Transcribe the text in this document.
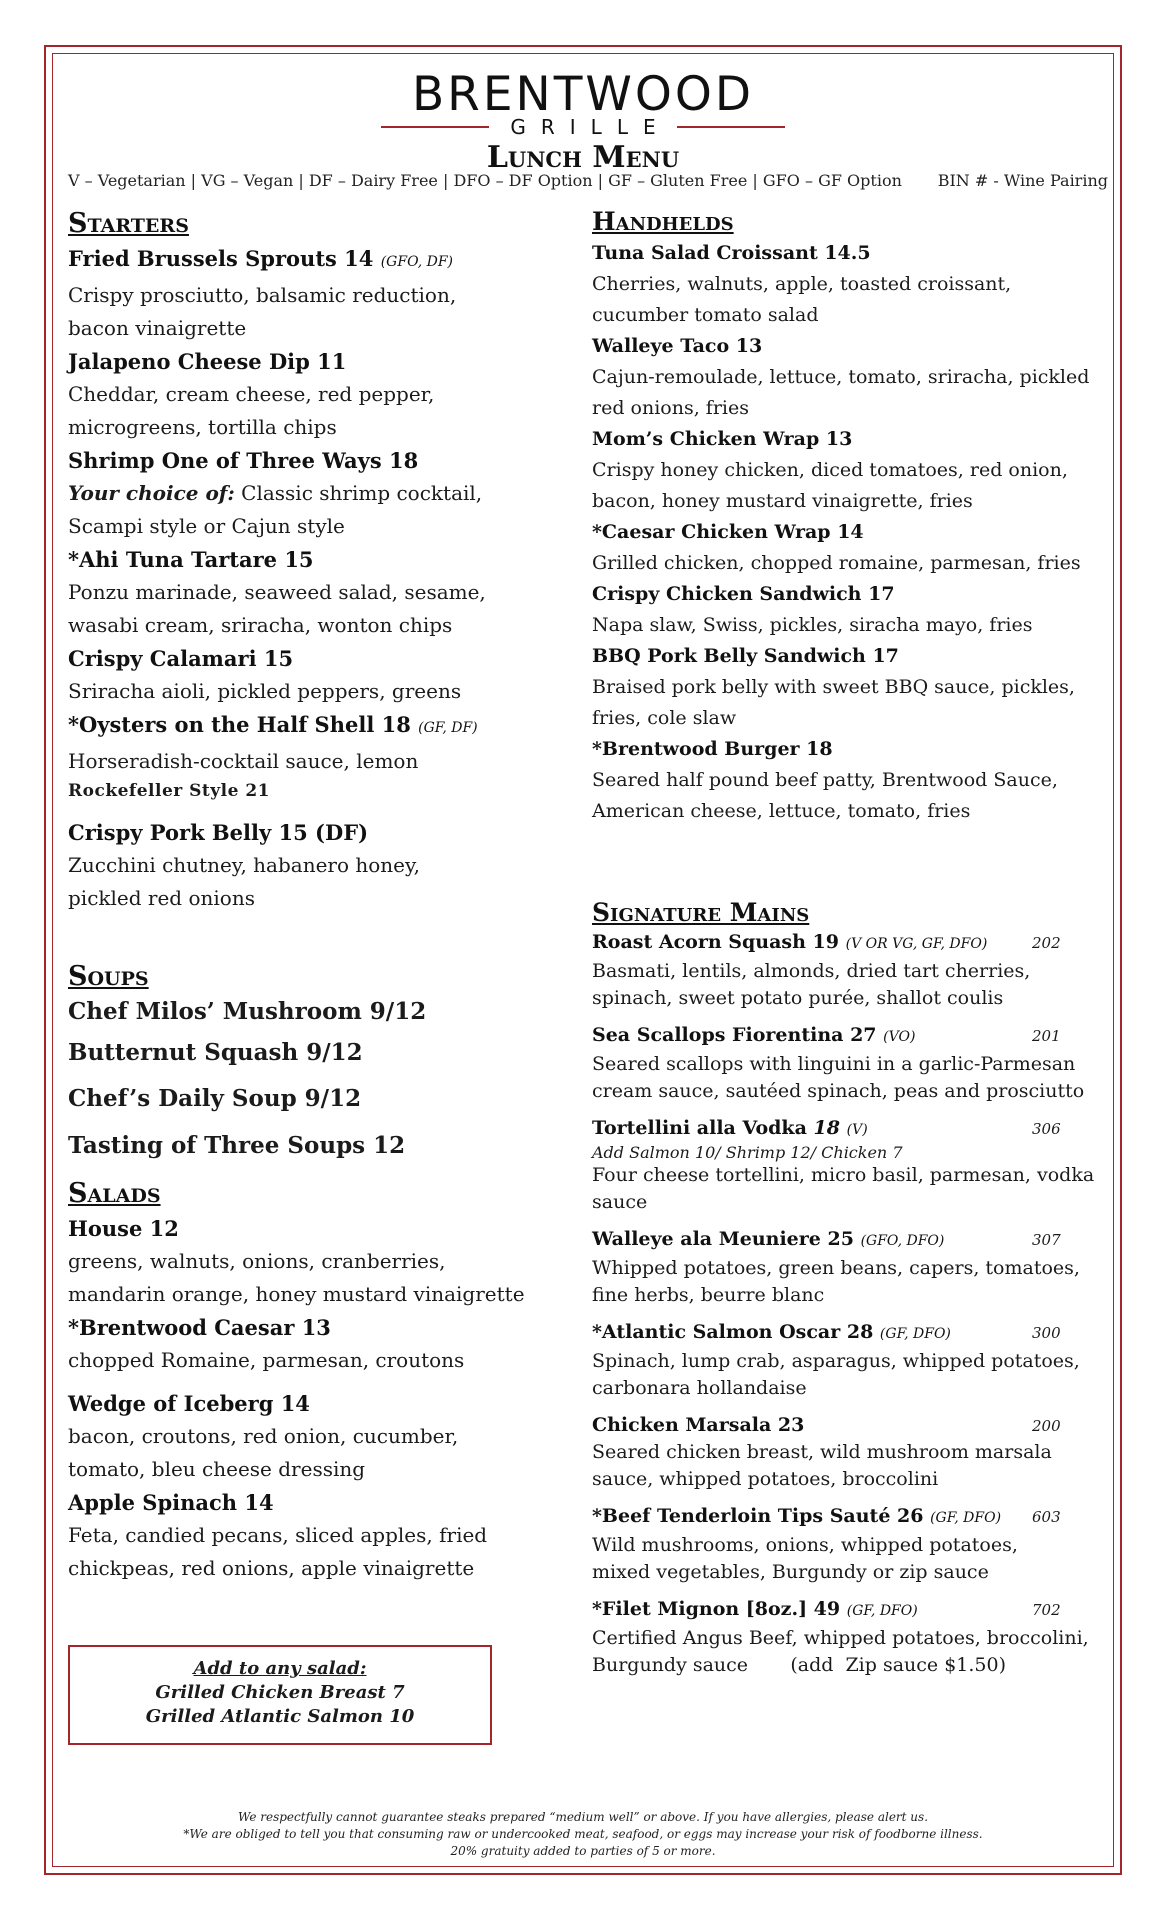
BRENTWOOD
GRILLE
Lunch Menu
V – Vegetarian | VG – Vegan | DF – Dairy Free | DFO – DF Option | GF – Gluten Free | GFO – GF Option BIN # - Wine Pairing
Starters
Fried Brussels Sprouts 14 (GFO, DF)
Crispy prosciutto, balsamic reduction,
bacon vinaigrette
Jalapeno Cheese Dip 11
Cheddar, cream cheese, red pepper,
microgreens, tortilla chips
Shrimp One of Three Ways 18
Your choice of: Classic shrimp cocktail,
Scampi style or Cajun style
*Ahi Tuna Tartare 15
Ponzu marinade, seaweed salad, sesame,
wasabi cream, sriracha, wonton chips
Crispy Calamari 15
Sriracha aioli, pickled peppers, greens
*Oysters on the Half Shell 18 (GF, DF)
Horseradish-cocktail sauce, lemon
Rockefeller Style 21
Crispy Pork Belly 15 (DF)
Zucchini chutney, habanero honey,
pickled red onions
Soups
Chef Milos’ Mushroom 9/12
Butternut Squash 9/12
Chef’s Daily Soup 9/12
Tasting of Three Soups 12
Salads
House 12
greens, walnuts, onions, cranberries,
mandarin orange, honey mustard vinaigrette
*Brentwood Caesar 13
chopped Romaine, parmesan, croutons
Wedge of Iceberg 14
bacon, croutons, red onion, cucumber,
tomato, bleu cheese dressing
Apple Spinach 14
Feta, candied pecans, sliced apples, fried
chickpeas, red onions, apple vinaigrette
Add to any salad:
Grilled Chicken Breast 7
Grilled Atlantic Salmon 10
Handhelds
Tuna Salad Croissant 14.5
Cherries, walnuts, apple, toasted croissant,
cucumber tomato salad
Walleye Taco 13
Cajun-remoulade, lettuce, tomato, sriracha, pickled
red onions, fries
Mom’s Chicken Wrap 13
Crispy honey chicken, diced tomatoes, red onion,
bacon, honey mustard vinaigrette, fries
*Caesar Chicken Wrap 14
Grilled chicken, chopped romaine, parmesan, fries
Crispy Chicken Sandwich 17
Napa slaw, Swiss, pickles, siracha mayo, fries
BBQ Pork Belly Sandwich 17
Braised pork belly with sweet BBQ sauce, pickles,
fries, cole slaw
*Brentwood Burger 18
Seared half pound beef patty, Brentwood Sauce,
American cheese, lettuce, tomato, fries
Signature Mains
Roast Acorn Squash 19 (V OR VG, GF, DFO)	202
Basmati, lentils, almonds, dried tart cherries,
spinach, sweet potato purée, shallot coulis
Sea Scallops Fiorentina 27 (VO)	201
Seared scallops with linguini in a garlic-Parmesan
cream sauce, sautéed spinach, peas and prosciutto
Tortellini alla Vodka 18 (V)	306
Add Salmon 10/ Shrimp 12/ Chicken 7
Four cheese tortellini, micro basil, parmesan, vodka
sauce
Walleye ala Meuniere 25 (GFO, DFO)	307
Whipped potatoes, green beans, capers, tomatoes,
fine herbs, beurre blanc
*Atlantic Salmon Oscar 28 (GF, DFO)	300
Spinach, lump crab, asparagus, whipped potatoes,
carbonara hollandaise
Chicken Marsala 23	200
Seared chicken breast, wild mushroom marsala
sauce, whipped potatoes, broccolini
*Beef Tenderloin Tips Sauté 26 (GF, DFO)	603
Wild mushrooms, onions, whipped potatoes,
mixed vegetables, Burgundy or zip sauce
*Filet Mignon [8oz.] 49 (GF, DFO)	702
Certified Angus Beef, whipped potatoes, broccolini,
Burgundy sauce       (add  Zip sauce $1.50)
We respectfully cannot guarantee steaks prepared “medium well” or above. If you have allergies, please alert us.
*We are obliged to tell you that consuming raw or undercooked meat, seafood, or eggs may increase your risk of foodborne illness.
20% gratuity added to parties of 5 or more.
